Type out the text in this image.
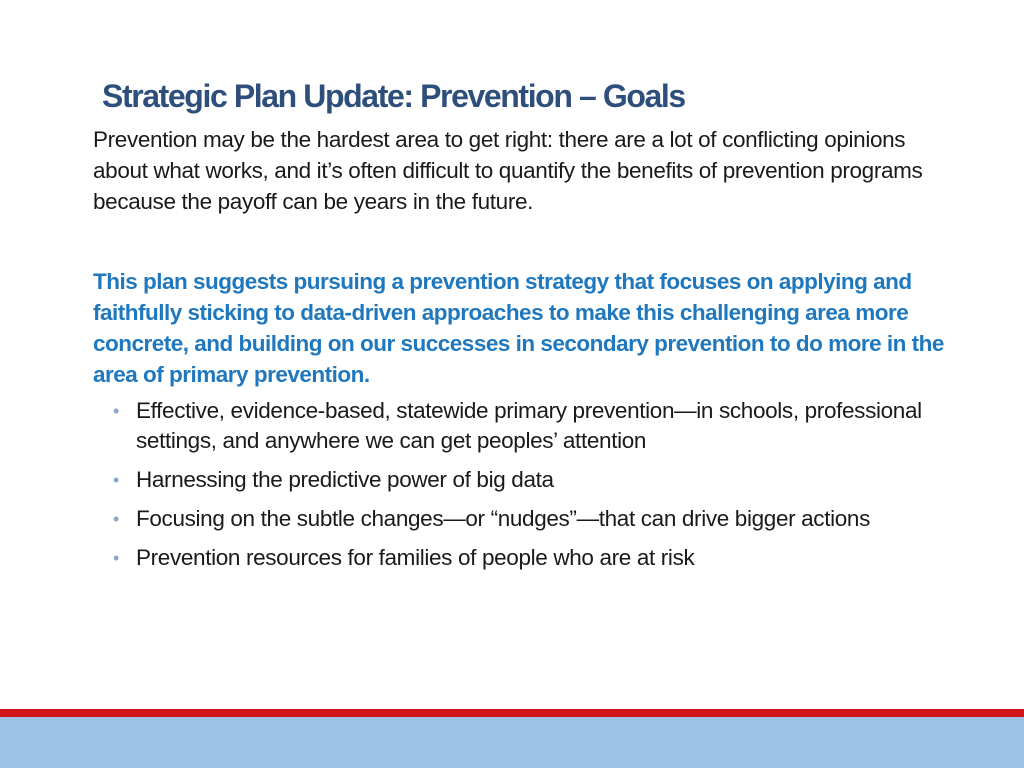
Strategic Plan Update: Prevention – Goals

Prevention may be the hardest area to get right: there are a lot of conflicting opinions about what works, and it’s often difficult to quantify the benefits of prevention programs because the payoff can be years in the future.

This plan suggests pursuing a prevention strategy that focuses on applying and faithfully sticking to data-driven approaches to make this challenging area more concrete, and building on our successes in secondary prevention to do more in the area of primary prevention.

• Effective, evidence-based, statewide primary prevention—in schools, professional settings, and anywhere we can get peoples’ attention
• Harnessing the predictive power of big data
• Focusing on the subtle changes—or “nudges”—that can drive bigger actions
• Prevention resources for families of people who are at risk
